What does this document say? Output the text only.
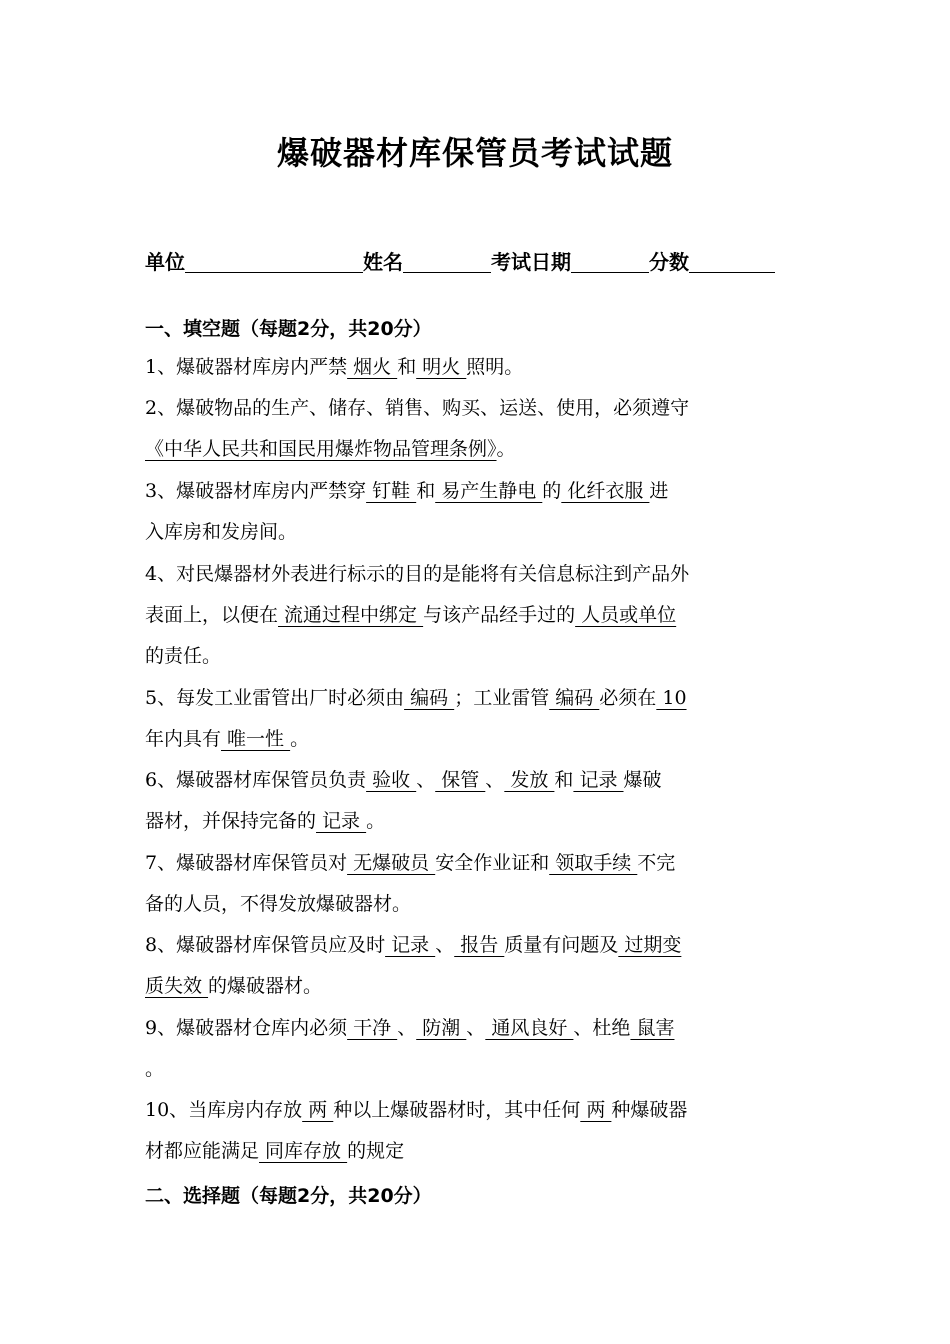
爆破器材库保管员考试试题
单位	姓名	考试日期	分数
一、填空题（每题2分，共20分）
1、爆破器材库房内严禁 烟火 和 明火 照明。
2、爆破物品的生产、储存、销售、购买、运送、使用，必须遵守
《中华人民共和国民用爆炸物品管理条例》。
3、爆破器材库房内严禁穿 钉鞋 和 易产生静电 的 化纤衣服 进
入库房和发房间。
4、对民爆器材外表进行标示的目的是能将有关信息标注到产品外
表面上，以便在 流通过程中绑定 与该产品经手过的 人员或单位
的责任。
5、每发工业雷管出厂时必须由 编码 ；工业雷管 编码 必须在 10
年内具有 唯一性 。
6、爆破器材库保管员负责 验收 、 保管 、 发放 和 记录 爆破
器材，并保持完备的 记录 。
7、爆破器材库保管员对 无爆破员 安全作业证和 领取手续 不完
备的人员，不得发放爆破器材。
8、爆破器材库保管员应及时 记录 、 报告 质量有问题及 过期变
质失效 的爆破器材。
9、爆破器材仓库内必须 干净 、 防潮 、 通风良好 、杜绝 鼠害
。
10、当库房内存放 两 种以上爆破器材时，其中任何 两 种爆破器
材都应能满足 同库存放 的规定
二、选择题（每题2分，共20分）
